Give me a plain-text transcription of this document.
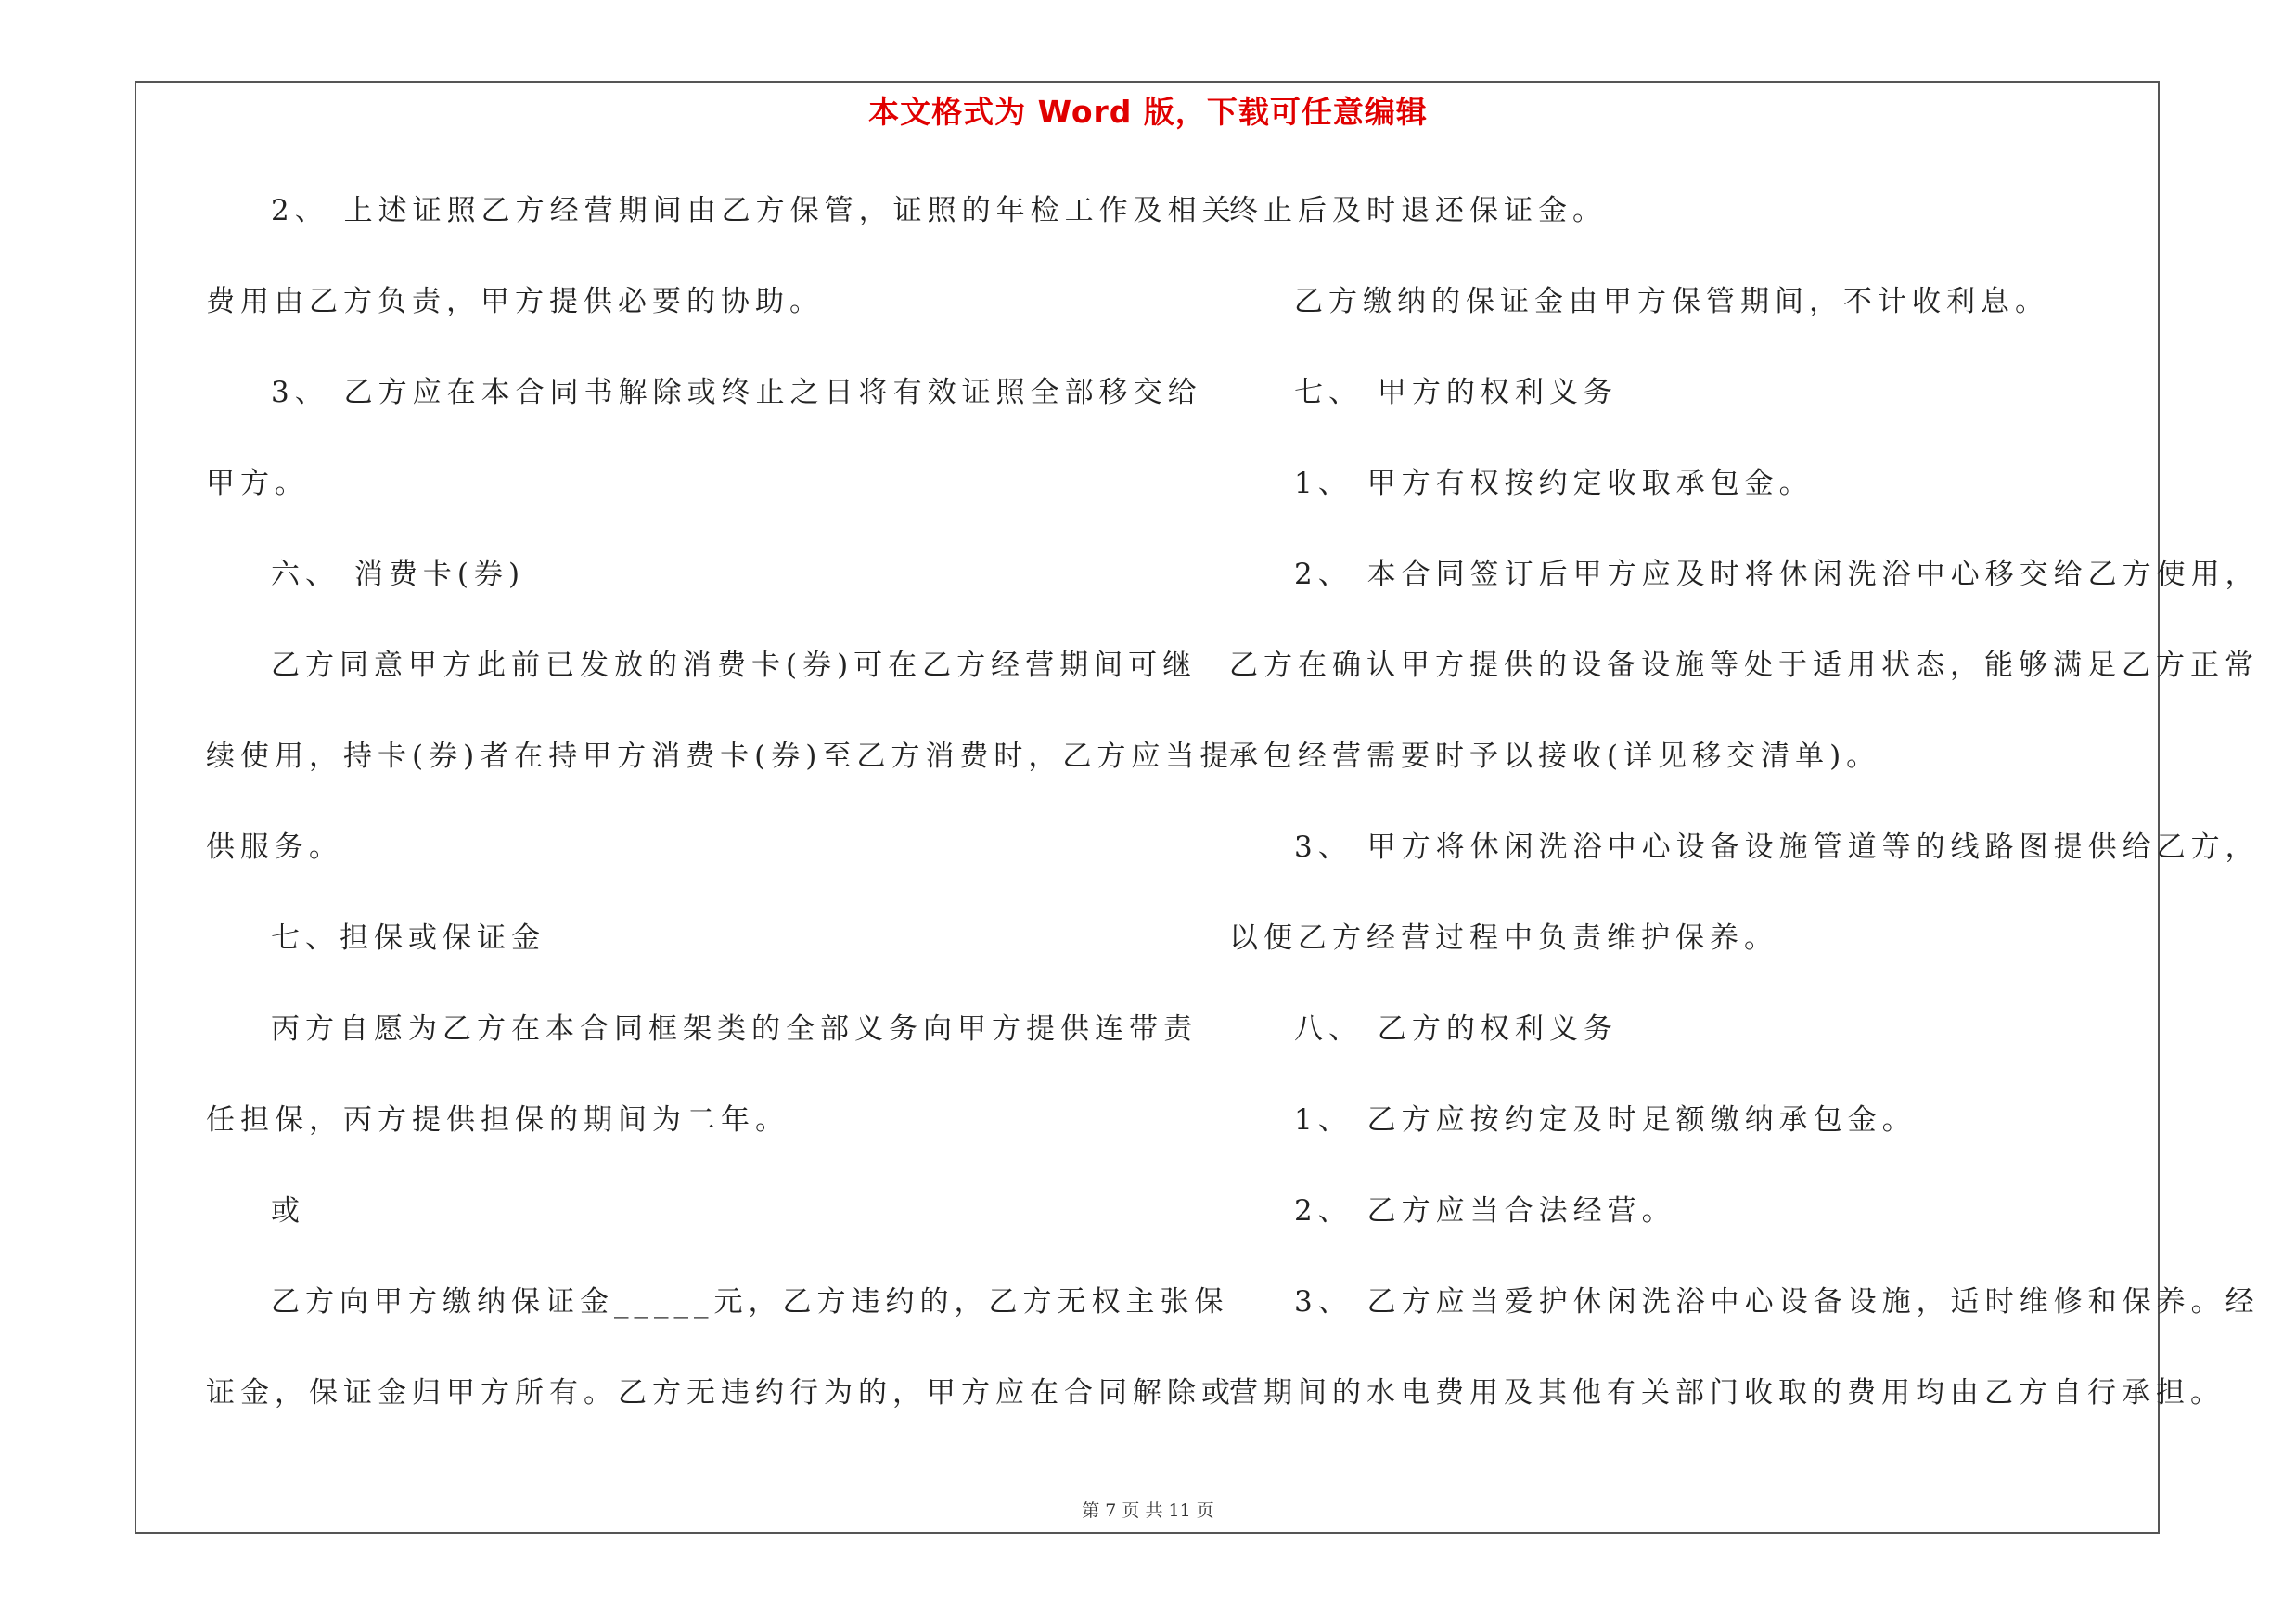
本文格式为 Word 版，下载可任意编辑
2、 上述证照乙方经营期间由乙方保管，证照的年检工作及相关
费用由乙方负责，甲方提供必要的协助。
3、 乙方应在本合同书解除或终止之日将有效证照全部移交给
甲方。
六、 消费卡(券)
乙方同意甲方此前已发放的消费卡(券)可在乙方经营期间可继
续使用，持卡(券)者在持甲方消费卡(券)至乙方消费时，乙方应当提
供服务。
七、担保或保证金
丙方自愿为乙方在本合同框架类的全部义务向甲方提供连带责
任担保，丙方提供担保的期间为二年。
或
乙方向甲方缴纳保证金_____元，乙方违约的，乙方无权主张保
证金，保证金归甲方所有。乙方无违约行为的，甲方应在合同解除或
终止后及时退还保证金。
乙方缴纳的保证金由甲方保管期间，不计收利息。
七、 甲方的权利义务
1、 甲方有权按约定收取承包金。
2、 本合同签订后甲方应及时将休闲洗浴中心移交给乙方使用，
乙方在确认甲方提供的设备设施等处于适用状态，能够满足乙方正常
承包经营需要时予以接收(详见移交清单)。
3、 甲方将休闲洗浴中心设备设施管道等的线路图提供给乙方，
以便乙方经营过程中负责维护保养。
八、 乙方的权利义务
1、 乙方应按约定及时足额缴纳承包金。
2、 乙方应当合法经营。
3、 乙方应当爱护休闲洗浴中心设备设施，适时维修和保养。经
营期间的水电费用及其他有关部门收取的费用均由乙方自行承担。
第 7 页 共 11 页
